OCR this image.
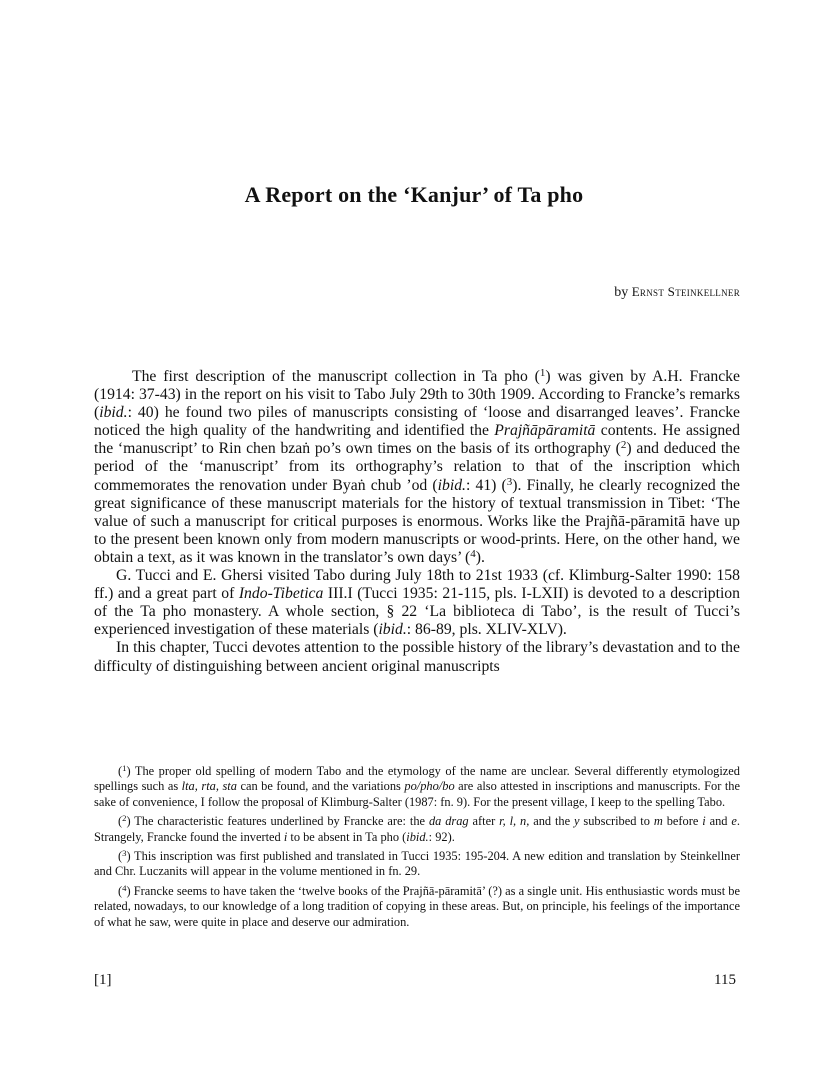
A Report on the ‘Kanjur’ of Ta pho
by Ernst Steinkellner

The first description of the manuscript collection in Ta pho ($^1$) was given by A.H. Francke (1914: 37-43) in the report on his visit to Tabo July 29th to 30th 1909. According to Francke’s remarks (ibid.: 40) he found two piles of manuscripts consisting of ‘loose and disarranged leaves’. Francke noticed the high quality of the handwriting and identified the Prajñāpāramitā contents. He assigned the ‘manuscript’ to Rin chen bzaṅ po’s own times on the basis of its orthography ($^2$) and deduced the period of the ‘manuscript’ from its orthography’s relation to that of the inscription which commemorates the renovation under Byaṅ chub ’od (ibid.: 41) ($^3$). Finally, he clearly recognized the great significance of these manuscript materials for the history of textual transmission in Tibet: ‘The value of such a manuscript for critical purposes is enormous. Works like the Prajñā-pāramitā have up to the present been known only from modern manuscripts or wood-prints. Here, on the other hand, we obtain a text, as it was known in the translator’s own days’ ($^4$).

G. Tucci and E. Ghersi visited Tabo during July 18th to 21st 1933 (cf. Klimburg-Salter 1990: 158 ff.) and a great part of Indo-Tibetica III.I (Tucci 1935: 21-115, pls. I-LXII) is devoted to a description of the Ta pho monastery. A whole section, § 22 ‘La biblioteca di Tabo’, is the result of Tucci’s experienced investigation of these materials (ibid.: 86-89, pls. XLIV-XLV).

In this chapter, Tucci devotes attention to the possible history of the library’s devastation and to the difficulty of distinguishing between ancient original manuscripts

($^1$) The proper old spelling of modern Tabo and the etymology of the name are unclear. Several differently etymologized spellings such as lta, rta, sta can be found, and the variations po/pho/bo are also attested in inscriptions and manuscripts. For the sake of convenience, I follow the proposal of Klimburg-Salter (1987: fn. 9). For the present village, I keep to the spelling Tabo.

($^2$) The characteristic features underlined by Francke are: the da drag after r, l, n, and the y subscribed to m before i and e. Strangely, Francke found the inverted i to be absent in Ta pho (ibid.: 92).

($^3$) This inscription was first published and translated in Tucci 1935: 195-204. A new edition and translation by Steinkellner and Chr. Luczanits will appear in the volume mentioned in fn. 29.

($^4$) Francke seems to have taken the ‘twelve books of the Prajñā-pāramitā’ (?) as a single unit. His enthusiastic words must be related, nowadays, to our knowledge of a long tradition of copying in these areas. But, on principle, his feelings of the importance of what he saw, were quite in place and deserve our admiration.

[1]	115
